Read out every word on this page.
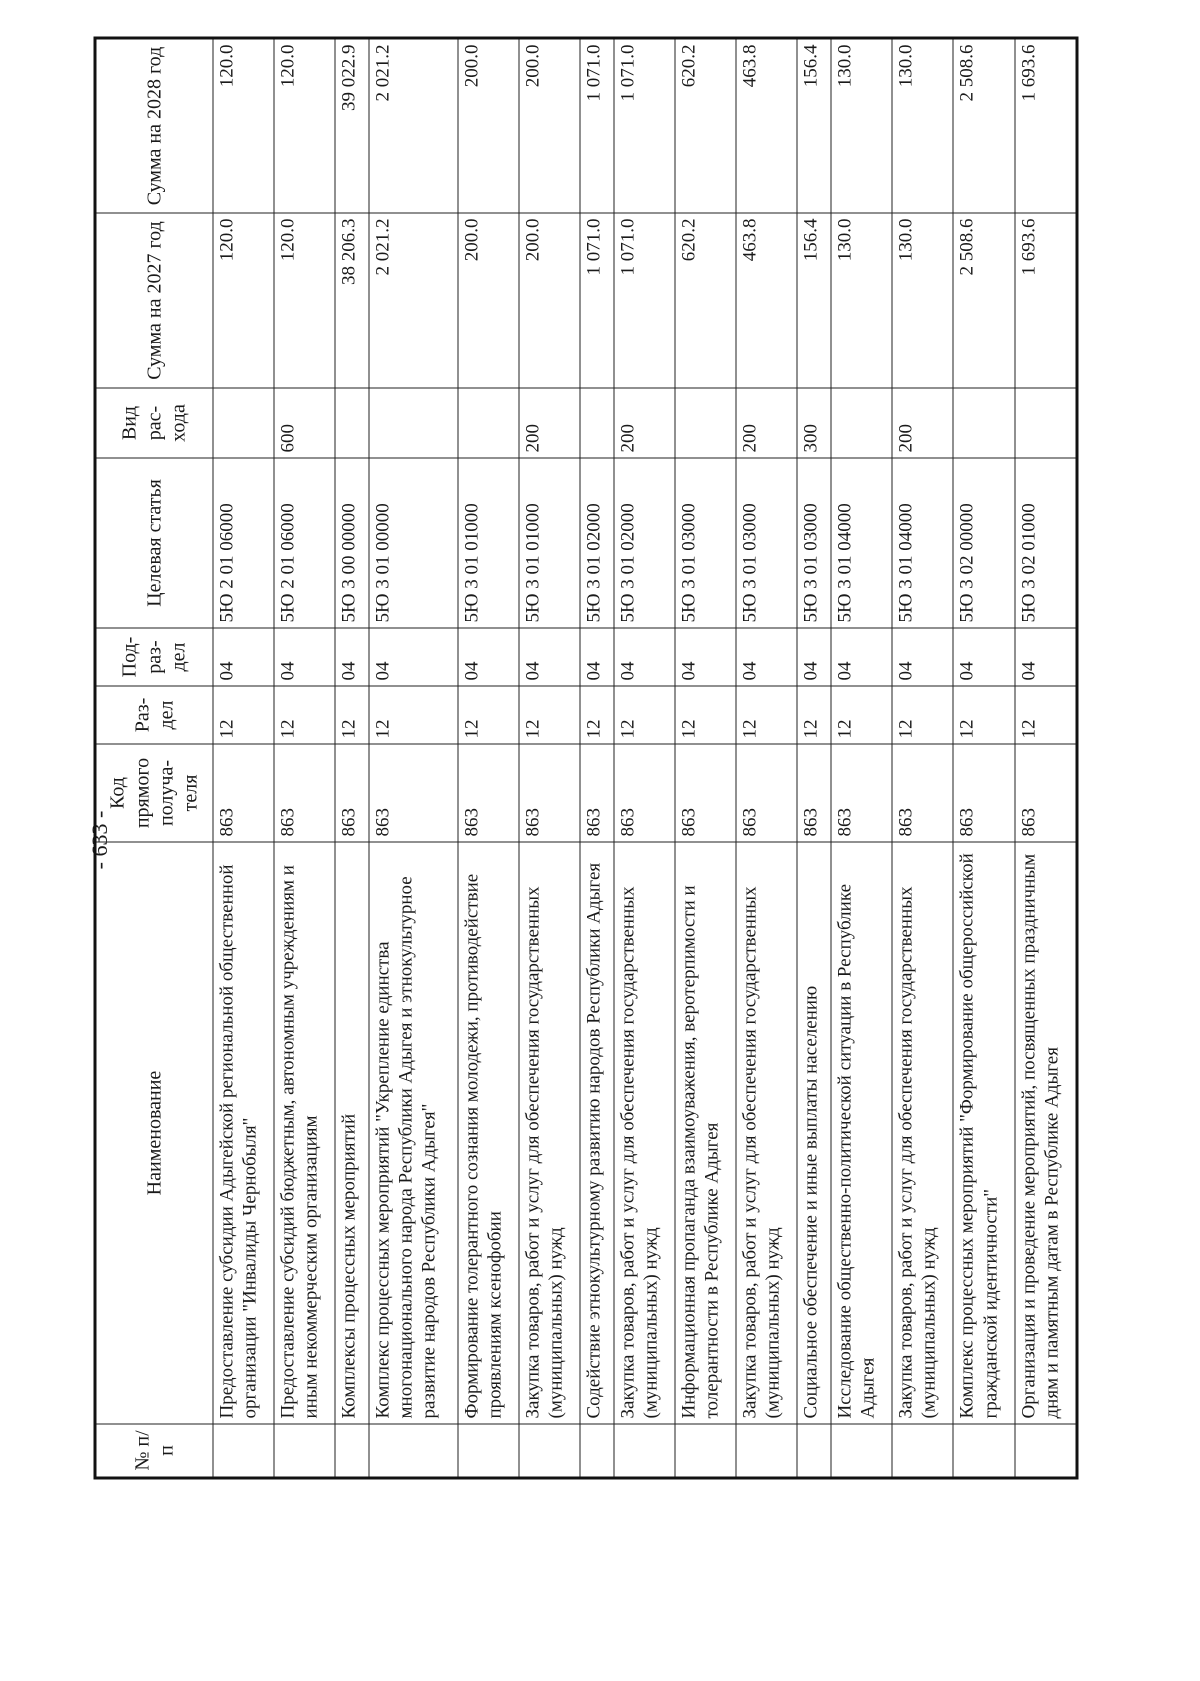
- 633 -
№ п/п	Наименование	Код прямого получа-теля	Раз-дел	Под-раз-дел	Целевая статья	Вид рас-хода	Сумма на 2027 год	Сумма на 2028 год
	Предоставление субсидии Адыгейской региональной общественной организации "Инвалиды Чернобыля"	863	12	04	5Ю 2 01 06000		120.0	120.0
	Предоставление субсидий бюджетным, автономным учреждениям и иным некоммерческим организациям	863	12	04	5Ю 2 01 06000	600	120.0	120.0
	Комплексы процессных мероприятий	863	12	04	5Ю 3 00 00000		38 206.3	39 022.9
	Комплекс процессных мероприятий "Укрепление единства многонационального народа Республики Адыгея и этнокультурное развитие народов Республики Адыгея"	863	12	04	5Ю 3 01 00000		2 021.2	2 021.2
	Формирование толерантного сознания молодежи, противодействие проявлениям ксенофобии	863	12	04	5Ю 3 01 01000		200.0	200.0
	Закупка товаров, работ и услуг для обеспечения государственных (муниципальных) нужд	863	12	04	5Ю 3 01 01000	200	200.0	200.0
	Содействие этнокультурному развитию народов Республики Адыгея	863	12	04	5Ю 3 01 02000		1 071.0	1 071.0
	Закупка товаров, работ и услуг для обеспечения государственных (муниципальных) нужд	863	12	04	5Ю 3 01 02000	200	1 071.0	1 071.0
	Информационная пропаганда взаимоуважения, веротерпимости и толерантности в Республике Адыгея	863	12	04	5Ю 3 01 03000		620.2	620.2
	Закупка товаров, работ и услуг для обеспечения государственных (муниципальных) нужд	863	12	04	5Ю 3 01 03000	200	463.8	463.8
	Социальное обеспечение и иные выплаты населению	863	12	04	5Ю 3 01 03000	300	156.4	156.4
	Исследование общественно-политической ситуации в Республике Адыгея	863	12	04	5Ю 3 01 04000		130.0	130.0
	Закупка товаров, работ и услуг для обеспечения государственных (муниципальных) нужд	863	12	04	5Ю 3 01 04000	200	130.0	130.0
	Комплекс процессных мероприятий "Формирование общероссийской гражданской идентичности"	863	12	04	5Ю 3 02 00000		2 508.6	2 508.6
	Организация и проведение мероприятий, посвященных праздничным дням и памятным датам в Республике Адыгея	863	12	04	5Ю 3 02 01000		1 693.6	1 693.6
